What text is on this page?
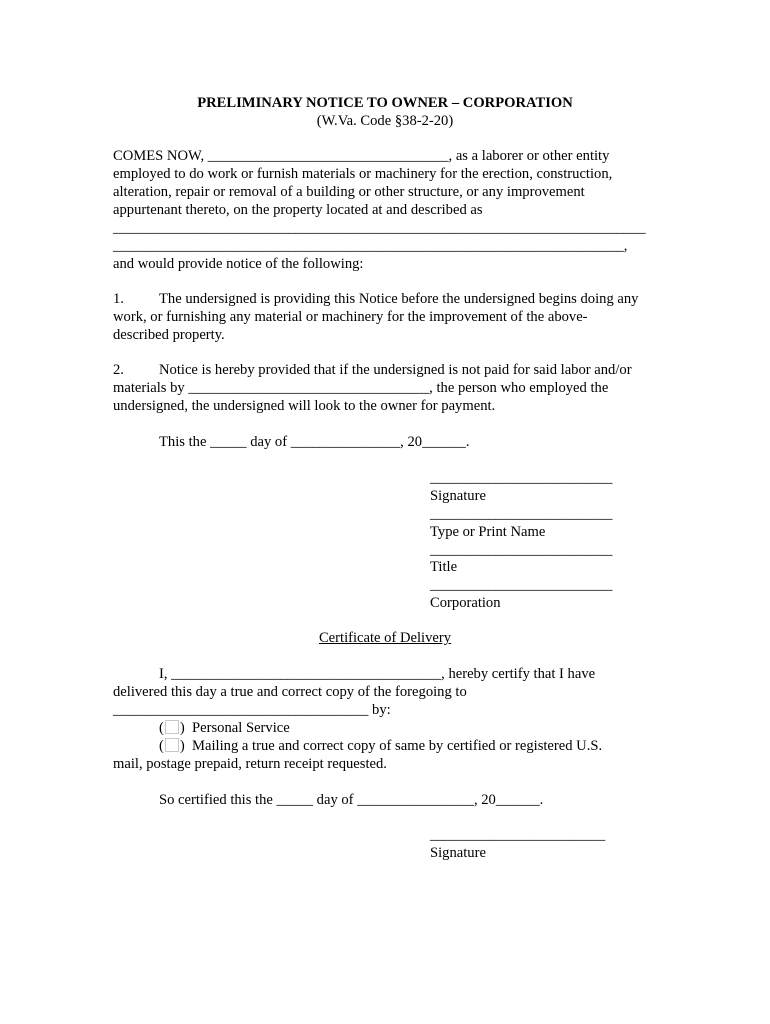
PRELIMINARY NOTICE TO OWNER – CORPORATION
(W.Va. Code §38-2-20)
COMES NOW, _________________________________, as a laborer or other entity
employed to do work or furnish materials or machinery for the erection, construction,
alteration, repair or removal of a building or other structure, or any improvement
appurtenant thereto, on the property located at and described as
_________________________________________________________________________
______________________________________________________________________,
and would provide notice of the following:
1. The undersigned is providing this Notice before the undersigned begins doing any
work, or furnishing any material or machinery for the improvement of the above-
described property.
2. Notice is hereby provided that if the undersigned is not paid for said labor and/or
materials by _________________________________, the person who employed the
undersigned, the undersigned will look to the owner for payment.
This the _____ day of _______________, 20______.
_________________________
Signature
_________________________
Type or Print Name
_________________________
Title
_________________________
Corporation
Certificate of Delivery
I, _____________________________________, hereby certify that I have
delivered this day a true and correct copy of the foregoing to
___________________________________ by:
( ) Personal Service
( ) Mailing a true and correct copy of same by certified or registered U.S.
mail, postage prepaid, return receipt requested.
So certified this the _____ day of ________________, 20______.
________________________
Signature
